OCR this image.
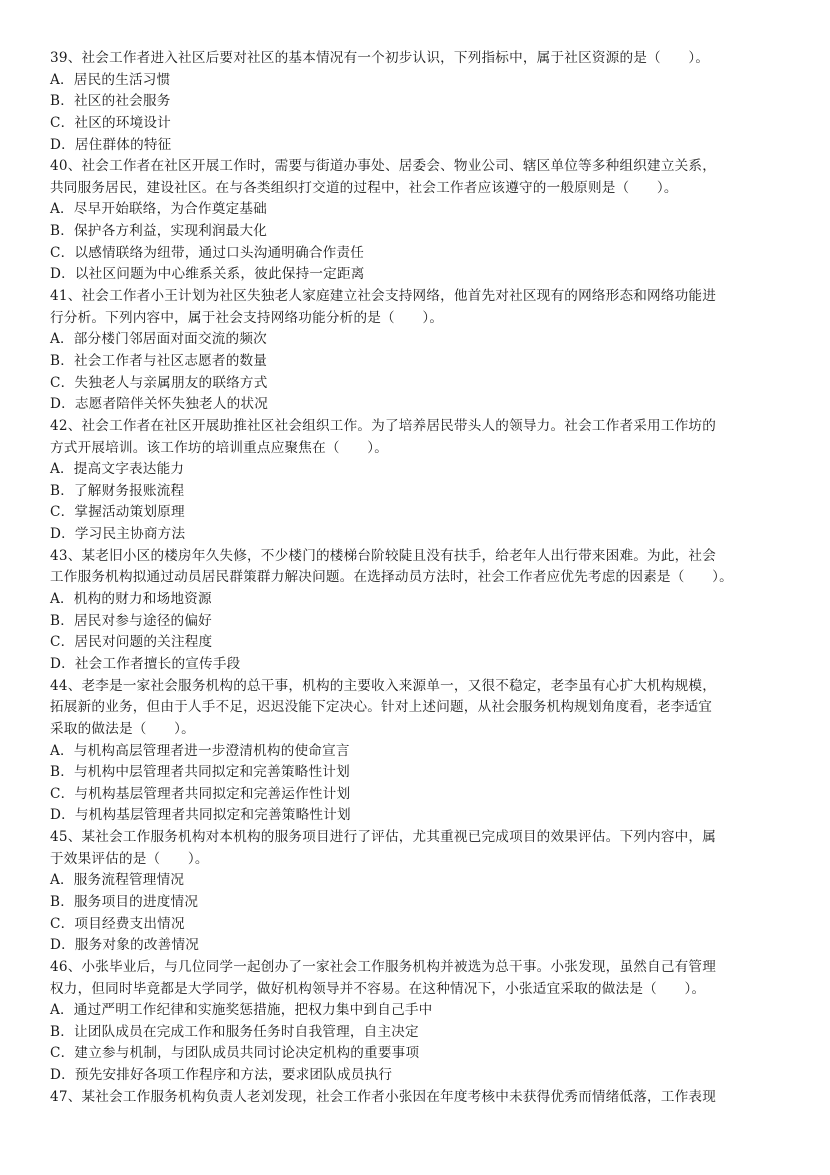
39、社会工作者进入社区后要对社区的基本情况有一个初步认识，下列指标中，属于社区资源的是（　　）。
A．居民的生活习惯
B．社区的社会服务
C．社区的环境设计
D．居住群体的特征
40、社会工作者在社区开展工作时，需要与街道办事处、居委会、物业公司、辖区单位等多种组织建立关系，
共同服务居民，建设社区。在与各类组织打交道的过程中，社会工作者应该遵守的一般原则是（　　）。
A．尽早开始联络，为合作奠定基础
B．保护各方利益，实现利润最大化
C．以感情联络为纽带，通过口头沟通明确合作责任
D．以社区问题为中心维系关系，彼此保持一定距离
41、社会工作者小王计划为社区失独老人家庭建立社会支持网络，他首先对社区现有的网络形态和网络功能进
行分析。下列内容中，属于社会支持网络功能分析的是（　　）。
A．部分楼门邻居面对面交流的频次
B．社会工作者与社区志愿者的数量
C．失独老人与亲属朋友的联络方式
D．志愿者陪伴关怀失独老人的状况
42、社会工作者在社区开展助推社区社会组织工作。为了培养居民带头人的领导力。社会工作者采用工作坊的
方式开展培训。该工作坊的培训重点应聚焦在（　　）。
A．提高文字表达能力
B．了解财务报账流程
C．掌握活动策划原理
D．学习民主协商方法
43、某老旧小区的楼房年久失修，不少楼门的楼梯台阶较陡且没有扶手，给老年人出行带来困难。为此，社会
工作服务机构拟通过动员居民群策群力解决问题。在选择动员方法时，社会工作者应优先考虑的因素是（　　）。
A．机构的财力和场地资源
B．居民对参与途径的偏好
C．居民对问题的关注程度
D．社会工作者擅长的宣传手段
44、老李是一家社会服务机构的总干事，机构的主要收入来源单一，又很不稳定，老李虽有心扩大机构规模，
拓展新的业务，但由于人手不足，迟迟没能下定决心。针对上述问题，从社会服务机构规划角度看，老李适宜
采取的做法是（　　）。
A．与机构高层管理者进一步澄清机构的使命宣言
B．与机构中层管理者共同拟定和完善策略性计划
C．与机构基层管理者共同拟定和完善运作性计划
D．与机构基层管理者共同拟定和完善策略性计划
45、某社会工作服务机构对本机构的服务项目进行了评估，尤其重视已完成项目的效果评估。下列内容中，属
于效果评估的是（　　）。
A．服务流程管理情况
B．服务项目的进度情况
C．项目经费支出情况
D．服务对象的改善情况
46、小张毕业后，与几位同学一起创办了一家社会工作服务机构并被选为总干事。小张发现，虽然自己有管理
权力，但同时毕竟都是大学同学，做好机构领导并不容易。在这种情况下，小张适宜采取的做法是（　　）。
A．通过严明工作纪律和实施奖惩措施，把权力集中到自己手中
B．让团队成员在完成工作和服务任务时自我管理，自主决定
C．建立参与机制，与团队成员共同讨论决定机构的重要事项
D．预先安排好各项工作程序和方法，要求团队成员执行
47、某社会工作服务机构负责人老刘发现，社会工作者小张因在年度考核中未获得优秀而情绪低落，工作表现
